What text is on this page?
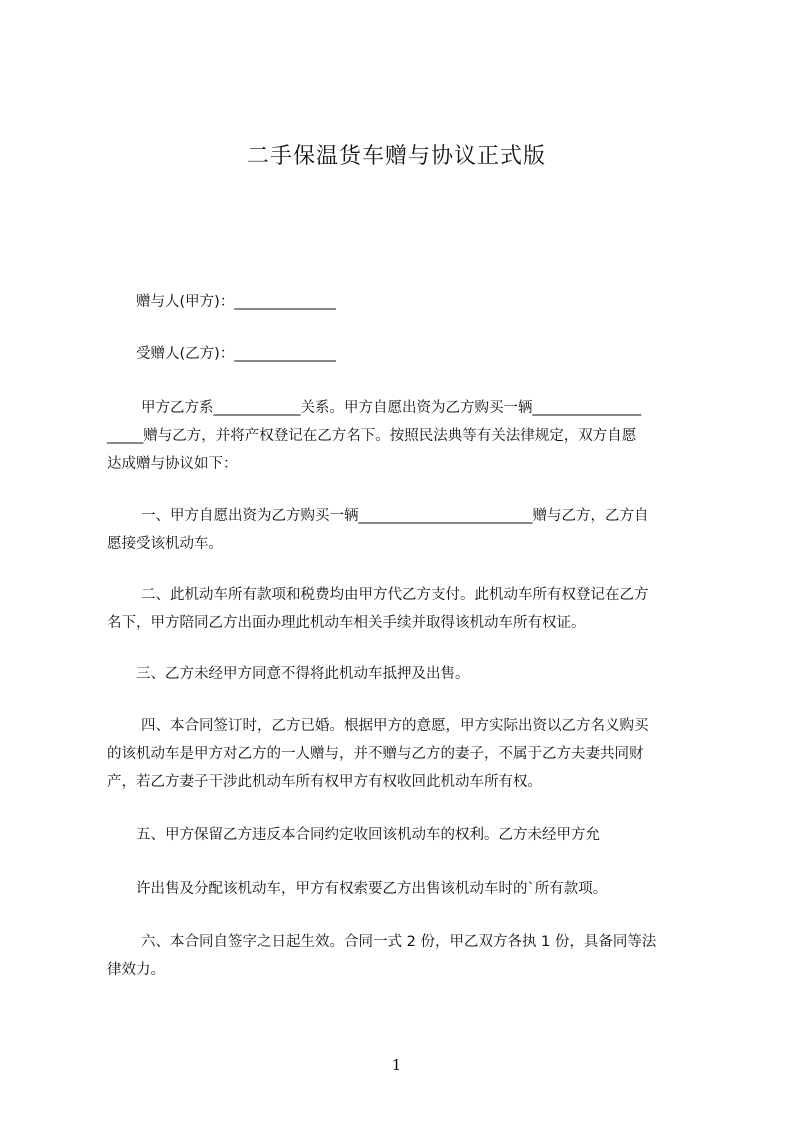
二手保温货车赠与协议正式版
赠与人(甲方)：______________
受赠人(乙方)：______________
甲方乙方系____________关系。甲方自愿出资为乙方购买一辆_______________
_____赠与乙方，并将产权登记在乙方名下。按照民法典等有关法律规定，双方自愿
达成赠与协议如下：
一、甲方自愿出资为乙方购买一辆________________________赠与乙方，乙方自
愿接受该机动车。
二、此机动车所有款项和税费均由甲方代乙方支付。此机动车所有权登记在乙方
名下，甲方陪同乙方出面办理此机动车相关手续并取得该机动车所有权证。
三、乙方未经甲方同意不得将此机动车抵押及出售。
四、本合同签订时，乙方已婚。根据甲方的意愿，甲方实际出资以乙方名义购买
的该机动车是甲方对乙方的一人赠与，并不赠与乙方的妻子，不属于乙方夫妻共同财
产，若乙方妻子干涉此机动车所有权甲方有权收回此机动车所有权。
五、甲方保留乙方违反本合同约定收回该机动车的权利。乙方未经甲方允
许出售及分配该机动车，甲方有权索要乙方出售该机动车时的`所有款项。
六、本合同自签字之日起生效。合同一式 2 份，甲乙双方各执 1 份，具备同等法
律效力。
1
